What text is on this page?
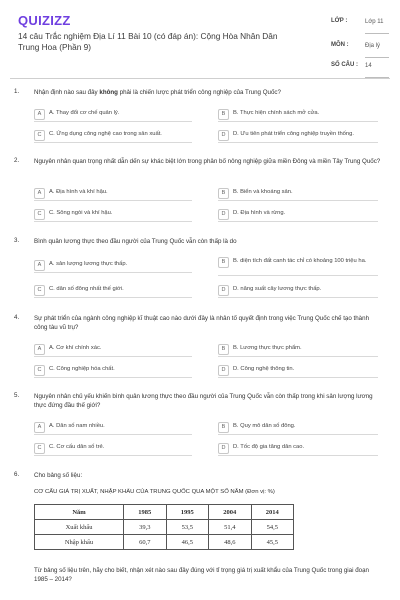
QUIZIZZ
14 câu Trắc nghiệm Địa Lí 11 Bài 10 (có đáp án): Cộng Hòa Nhân Dân Trung Hoa (Phần 9)
LỚP :	Lớp 11
MÔN :	Địa lý
SỐ CÂU : 14
1. Nhận định nào sau đây không phải là chiến lược phát triển công nghiệp của Trung Quốc?
A	A. Thay đổi cơ chế quản lý.	B	B. Thực hiện chính sách mở cửa.
C	C. Ứng dụng công nghệ cao trong sản xuất.	D	D. Ưu tiên phát triển công nghiệp truyền thống.
2. Nguyên nhân quan trọng nhất dẫn dến sự khác biệt lớn trong phân bố nông nghiệp giữa miền Đông và miền Tây Trung Quốc?
A	A. Địa hình và khí hậu.	B	B. Biển và khoáng sản.
C	C. Sông ngòi và khí hậu.	D	D. Địa hình và rừng.
3. Bình quân lương thực theo đầu người của Trung Quốc vẫn còn thấp là do
A	A. sản lượng lương thực thấp.	B	B. diện tích đất canh tác chỉ có khoảng 100 triệu ha.
C	C. dân số đông nhất thế giới.	D	D. năng suất cây lương thực thấp.
4. Sự phát triển của ngành công nghiệp kĩ thuật cao nào dưới đây là nhân tố quyết định trong việc Trung Quốc chế tạo thành công tàu vũ trụ?
A	A. Cơ khí chính xác.	B	B. Lương thực thực phẩm.
C	C. Công nghiệp hóa chất.	D	D. Công nghệ thông tin.
5. Nguyên nhân chủ yếu khiến bình quân lương thực theo đầu người của Trung Quốc vẫn còn thấp trong khi sản lượng lương thực đứng đầu thế giới?
A	A. Dân số nam nhiều.	B	B. Quy mô dân số đông.
C	C. Cơ cấu dân số trẻ.	D	D. Tốc độ gia tăng dân cao.
6. Cho bảng số liệu:
CƠ CẤU GIÁ TRỊ XUẤT, NHẬP KHẨU CỦA TRUNG QUỐC QUA MỘT SỐ NĂM (Đơn vị: %)
Năm	1985	1995	2004	2014
Xuất khẩu	39,3	53,5	51,4	54,5
Nhập khẩu	60,7	46,5	48,6	45,5
Từ bảng số liệu trên, hãy cho biết, nhận xét nào sau đây đúng với tỉ trọng giá trị xuất khẩu của Trung Quốc trong giai đoạn 1985 – 2014?
